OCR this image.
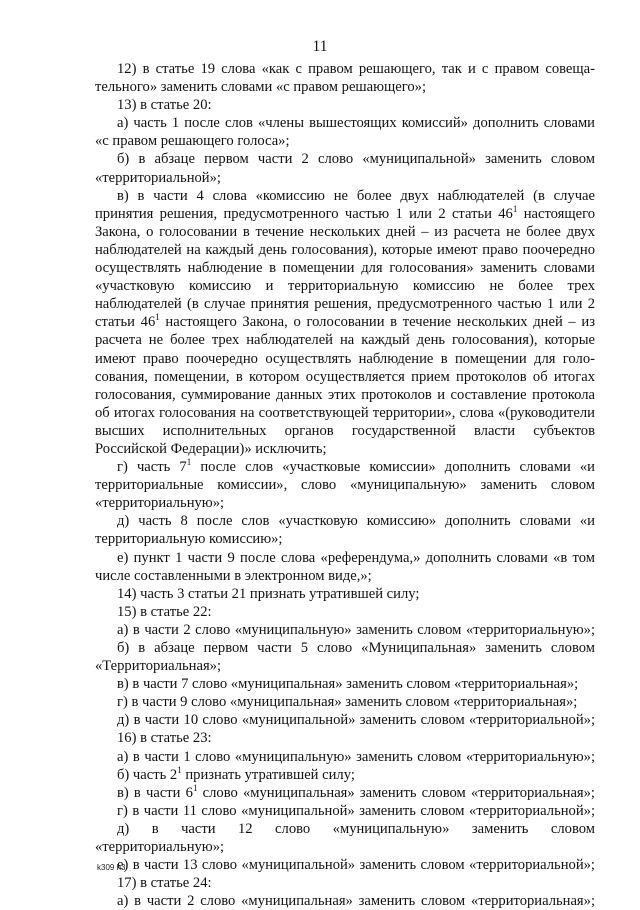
11

12) в статье 19 слова «как с правом решающего, так и с правом совещательного» заменить словами «с правом решающего»;

13) в статье 20:

а) часть 1 после слов «члены вышестоящих комиссий» дополнить словами «с правом решающего голоса»;

б) в абзаце первом части 2 слово «муниципальной» заменить словом «территориальной»;

в) в части 4 слова «комиссию не более двух наблюдателей (в случае принятия решения, предусмотренного частью 1 или 2 статьи $46^1$ настоящего Закона, о голосовании в течение нескольких дней – из расчета не более двух наблюдателей на каждый день голосования), которые имеют право поoчередно осуществлять наблюдение в помещении для голосования» заменить словами «участковую комиссию и территориальную комиссию не более трех наблюдателей (в случае принятия решения, предусмотренного частью 1 или 2 статьи $46^1$ настоящего Закона, о голосовании в течение нескольких дней – из расчета не более трех наблюдателей на каждый день голосования), которые имеют право поочередно осуществлять наблюдение в помещении для голосования, помещении, в котором осуществляется прием протоколов об итогах голосования, суммирование данных этих протоколов и составление протокола об итогах голосования на соответствующей территории», слова «(руководители высших исполнительных органов государственной власти субъектов Российской Федерации)» исключить;

г) часть $7^1$ после слов «участковые комиссии» дополнить словами «и территориальные комиссии», слово «муниципальную» заменить словом «территориальную»;

д) часть 8 после слов «участковую комиссию» дополнить словами «и территориальную комиссию»;

е) пункт 1 части 9 после слова «референдума,» дополнить словами «в том числе составленными в электронном виде,»;

14) часть 3 статьи 21 признать утратившей силу;

15) в статье 22:

а) в части 2 слово «муниципальную» заменить словом «территориальную»;

б) в абзаце первом части 5 слово «Муниципальная» заменить словом «Территориальная»;

в) в части 7 слово «муниципальная» заменить словом «территориальная»;

г) в части 9 слово «муниципальная» заменить словом «территориальная»;

д) в части 10 слово «муниципальной» заменить словом «территориальной»;

16) в статье 23:

а) в части 1 слово «муниципальную» заменить словом «территориальную»;

б) часть $2^1$ признать утратившей силу;

в) в части $6^1$ слово «муниципальная» заменить словом «территориальная»;

г) в части 11 слово «муниципальной» заменить словом «территориальной»;

д) в части 12 слово «муниципальную» заменить словом «территориальную»;

е) в части 13 слово «муниципальной» заменить словом «территориальной»;

17) в статье 24:

а) в части 2 слово «муниципальная» заменить словом «территориальная»;

k309 h3
